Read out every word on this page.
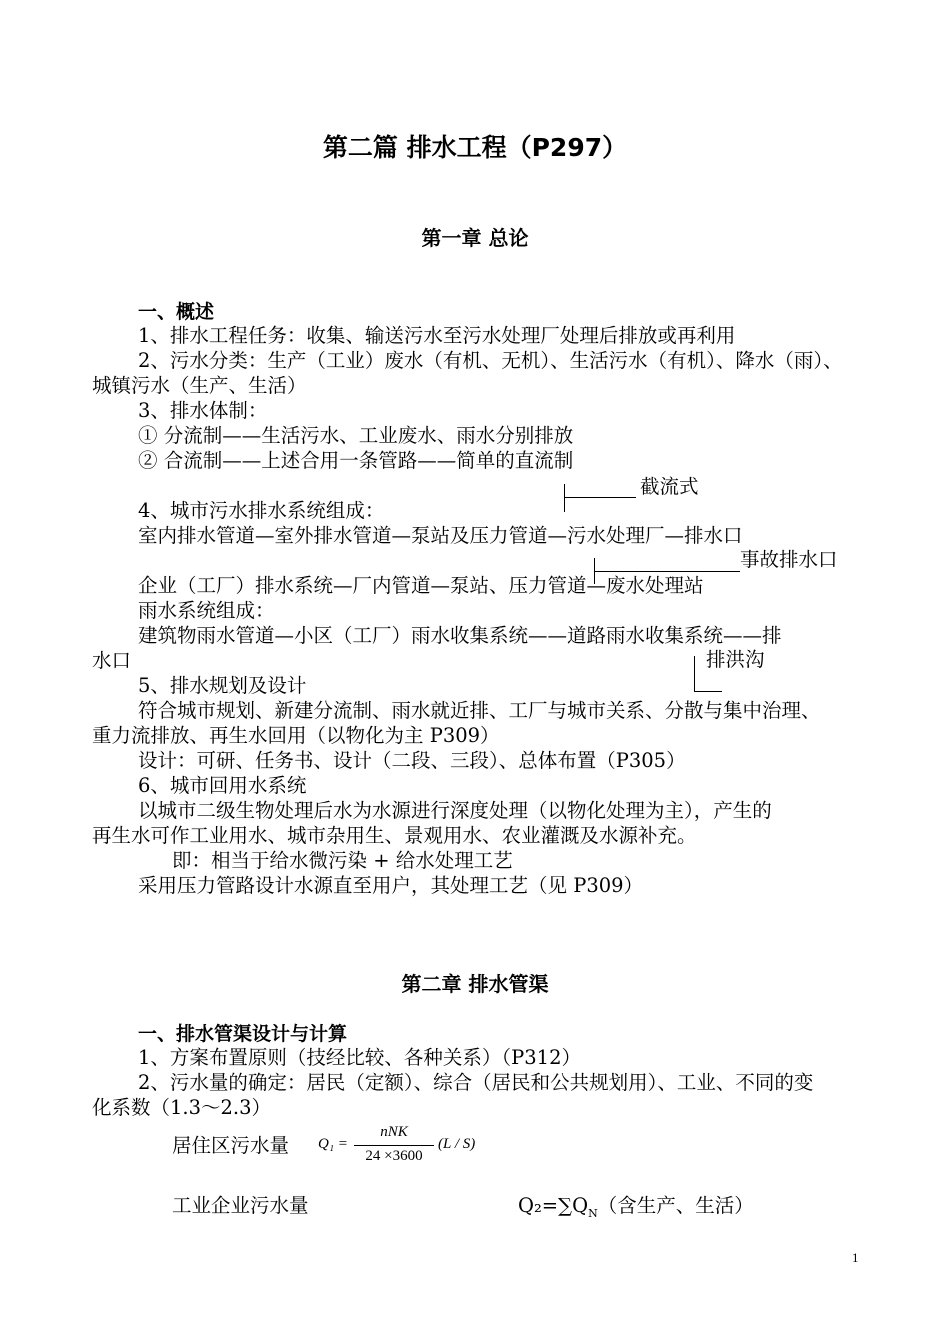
第二篇 排水工程（P297）
第一章 总论
一、概述
1、排水工程任务：收集、输送污水至污水处理厂处理后排放或再利用
2、污水分类：生产（工业）废水（有机、无机）、生活污水（有机）、降水（雨）、
城镇污水（生产、生活）
3、排水体制：
① 分流制——生活污水、工业废水、雨水分别排放
② 合流制——上述合用一条管路——简单的直流制
截流式
4、城市污水排水系统组成：
室内排水管道—室外排水管道—泵站及压力管道—污水处理厂—排水口
事故排水口
企业（工厂）排水系统—厂内管道—泵站、压力管道—废水处理站
雨水系统组成：
建筑物雨水管道—小区（工厂）雨水收集系统——道路雨水收集系统——排
水口	排洪沟
5、排水规划及设计
符合城市规划、新建分流制、雨水就近排、工厂与城市关系、分散与集中治理、
重力流排放、再生水回用（以物化为主 P309）
设计：可研、任务书、设计（二段、三段）、总体布置（P305）
6、城市回用水系统
以城市二级生物处理后水为水源进行深度处理（以物化处理为主），产生的
再生水可作工业用水、城市杂用生、景观用水、农业灌溉及水源补充。
即：相当于给水微污染 + 给水处理工艺
采用压力管路设计水源直至用户，其处理工艺（见 P309）
第二章 排水管渠
一、排水管渠设计与计算
1、方案布置原则（技经比较、各种关系）（P312）
2、污水量的确定：居民（定额）、综合（居民和公共规划用）、工业、不同的变
化系数（1.3～2.3）
居住区污水量 Q₁ =
nNK
24 ×3600
(L / S)
工业企业污水量	$Q_2=\sum Q_N$（含生产、生活）
1
